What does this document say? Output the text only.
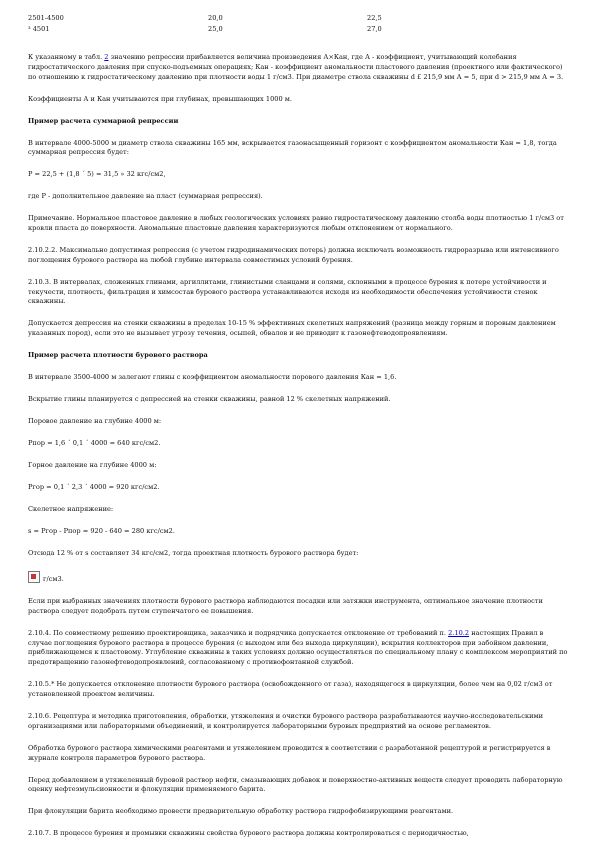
2501-4500	20,0	22,5
³ 4501	25,0	27,0

К указанному в табл. 2 значению репрессии прибавляется величина произведения А×Кан, где А - коэффициент, учитывающий колебания гидростатического давления при спуско-подъемных операциях; Кан - коэффициент аномальности пластового давления (проектного или фактического) по отношению к гидростатическому давлению при плотности воды 1 г/см3. При диаметре ствола скважины d £ 215,9 мм А = 5, при d > 215,9 мм А = 3.

Коэффициенты А и Кан учитываются при глубинах, превышающих 1000 м.

Пример расчета суммарной репрессии

В интервале 4000-5000 м диаметр ствола скважины 165 мм, вскрывается газонасыщенный горизонт с коэффициентом аномальности Кан = 1,8, тогда суммарная репрессия будет:

Р = 22,5 + (1,8 ´ 5) = 31,5 » 32 кгс/см2,

где Р - дополнительное давление на пласт (суммарная репрессия).

Примечание. Нормальное пластовое давление в любых геологических условиях равно гидростатическому давлению столба воды плотностью 1 г/см3 от кровли пласта до поверхности. Аномальные пластовые давления характеризуются любым отклонением от нормального.

2.10.2.2. Максимально допустимая репрессия (с учетом гидродинамических потерь) должна исключать возможность гидроразрыва или интенсивного поглощения бурового раствора на любой глубине интервала совместимых условий бурения.

2.10.3. В интервалах, сложенных глинами, аргиллитами, глинистыми сланцами и солями, склонными в процессе бурения к потере устойчивости и текучести, плотность, фильтрация и химсостав бурового раствора устанавливаются исходя из необходимости обеспечения устойчивости стенок скважины.

Допускается депрессия на стенки скважины в пределах 10-15 % эффективных скелетных напряжений (разница между горным и поровым давлением указанных пород), если это не вызывает угрозу течения, осыпей, обвалов и не приводит к газонефтеводопроявлениям.

Пример расчета плотности бурового раствора

В интервале 3500-4000 м залегают глины с коэффициентом аномальности порового давления Кан = 1,6.

Вскрытие глины планируется с депрессией на стенки скважины, равной 12 % скелетных напряжений.

Поровое давление на глубине 4000 м:

Рпор = 1,6 ´ 0,1 ´ 4000 = 640 кгс/см2.

Горное давление на глубине 4000 м:

Ргор = 0,1 ´ 2,3 ´ 4000 = 920 кгс/см2.

Скелетное напряжение:

s = Ргор - Рпор = 920 - 640 = 280 кгс/см2.

Отсюда 12 % от s составляет 34 кгс/см2, тогда проектная плотность бурового раствора будет:

г/см3.

Если при выбранных значениях плотности бурового раствора наблюдаются посадки или затяжки инструмента, оптимальное значение плотности раствора следует подобрать путем ступенчатого ее повышения.

2.10.4. По совместному решению проектировщика, заказчика и подрядчика допускается отклонение от требований п. 2.10.2 настоящих Правил в случае поглощения бурового раствора в процессе бурения (с выходом или без выхода циркуляции), вскрытия коллекторов при забойном давлении, приближающемся к пластовому. Углубление скважины в таких условиях должно осуществляться по специальному плану с комплексом мероприятий по предотвращению газонефтеводопроявлений, согласованному с противофонтанной службой.

2.10.5.* Не допускается отклонение плотности бурового раствора (освобожденного от газа), находящегося в циркуляции, более чем на 0,02 г/см3 от установленной проектом величины.

2.10.6. Рецептура и методика приготовления, обработки, утяжеления и очистки бурового раствора разрабатываются научно-исследовательскими организациями или лабораторными объединений, и контролируется лабораторными буровых предприятий на основе регламентов.

Обработка бурового раствора химическими реагентами и утяжелением проводится в соответствии с разработанной рецептурой и регистрируется в журнале контроля параметров бурового раствора.

Перед добавлением в утяжеленный буровой раствор нефти, смазывающих добавок и поверхностно-активных веществ следует проводить лабораторную оценку нефтеэмульсионности и флокуляции применяемого барита.

При флокуляции барита необходимо провести предварительную обработку раствора гидрофобизирующими реагентами.

2.10.7. В процессе бурения и промывки скважины свойства бурового раствора должны контролироваться с периодичностью,
